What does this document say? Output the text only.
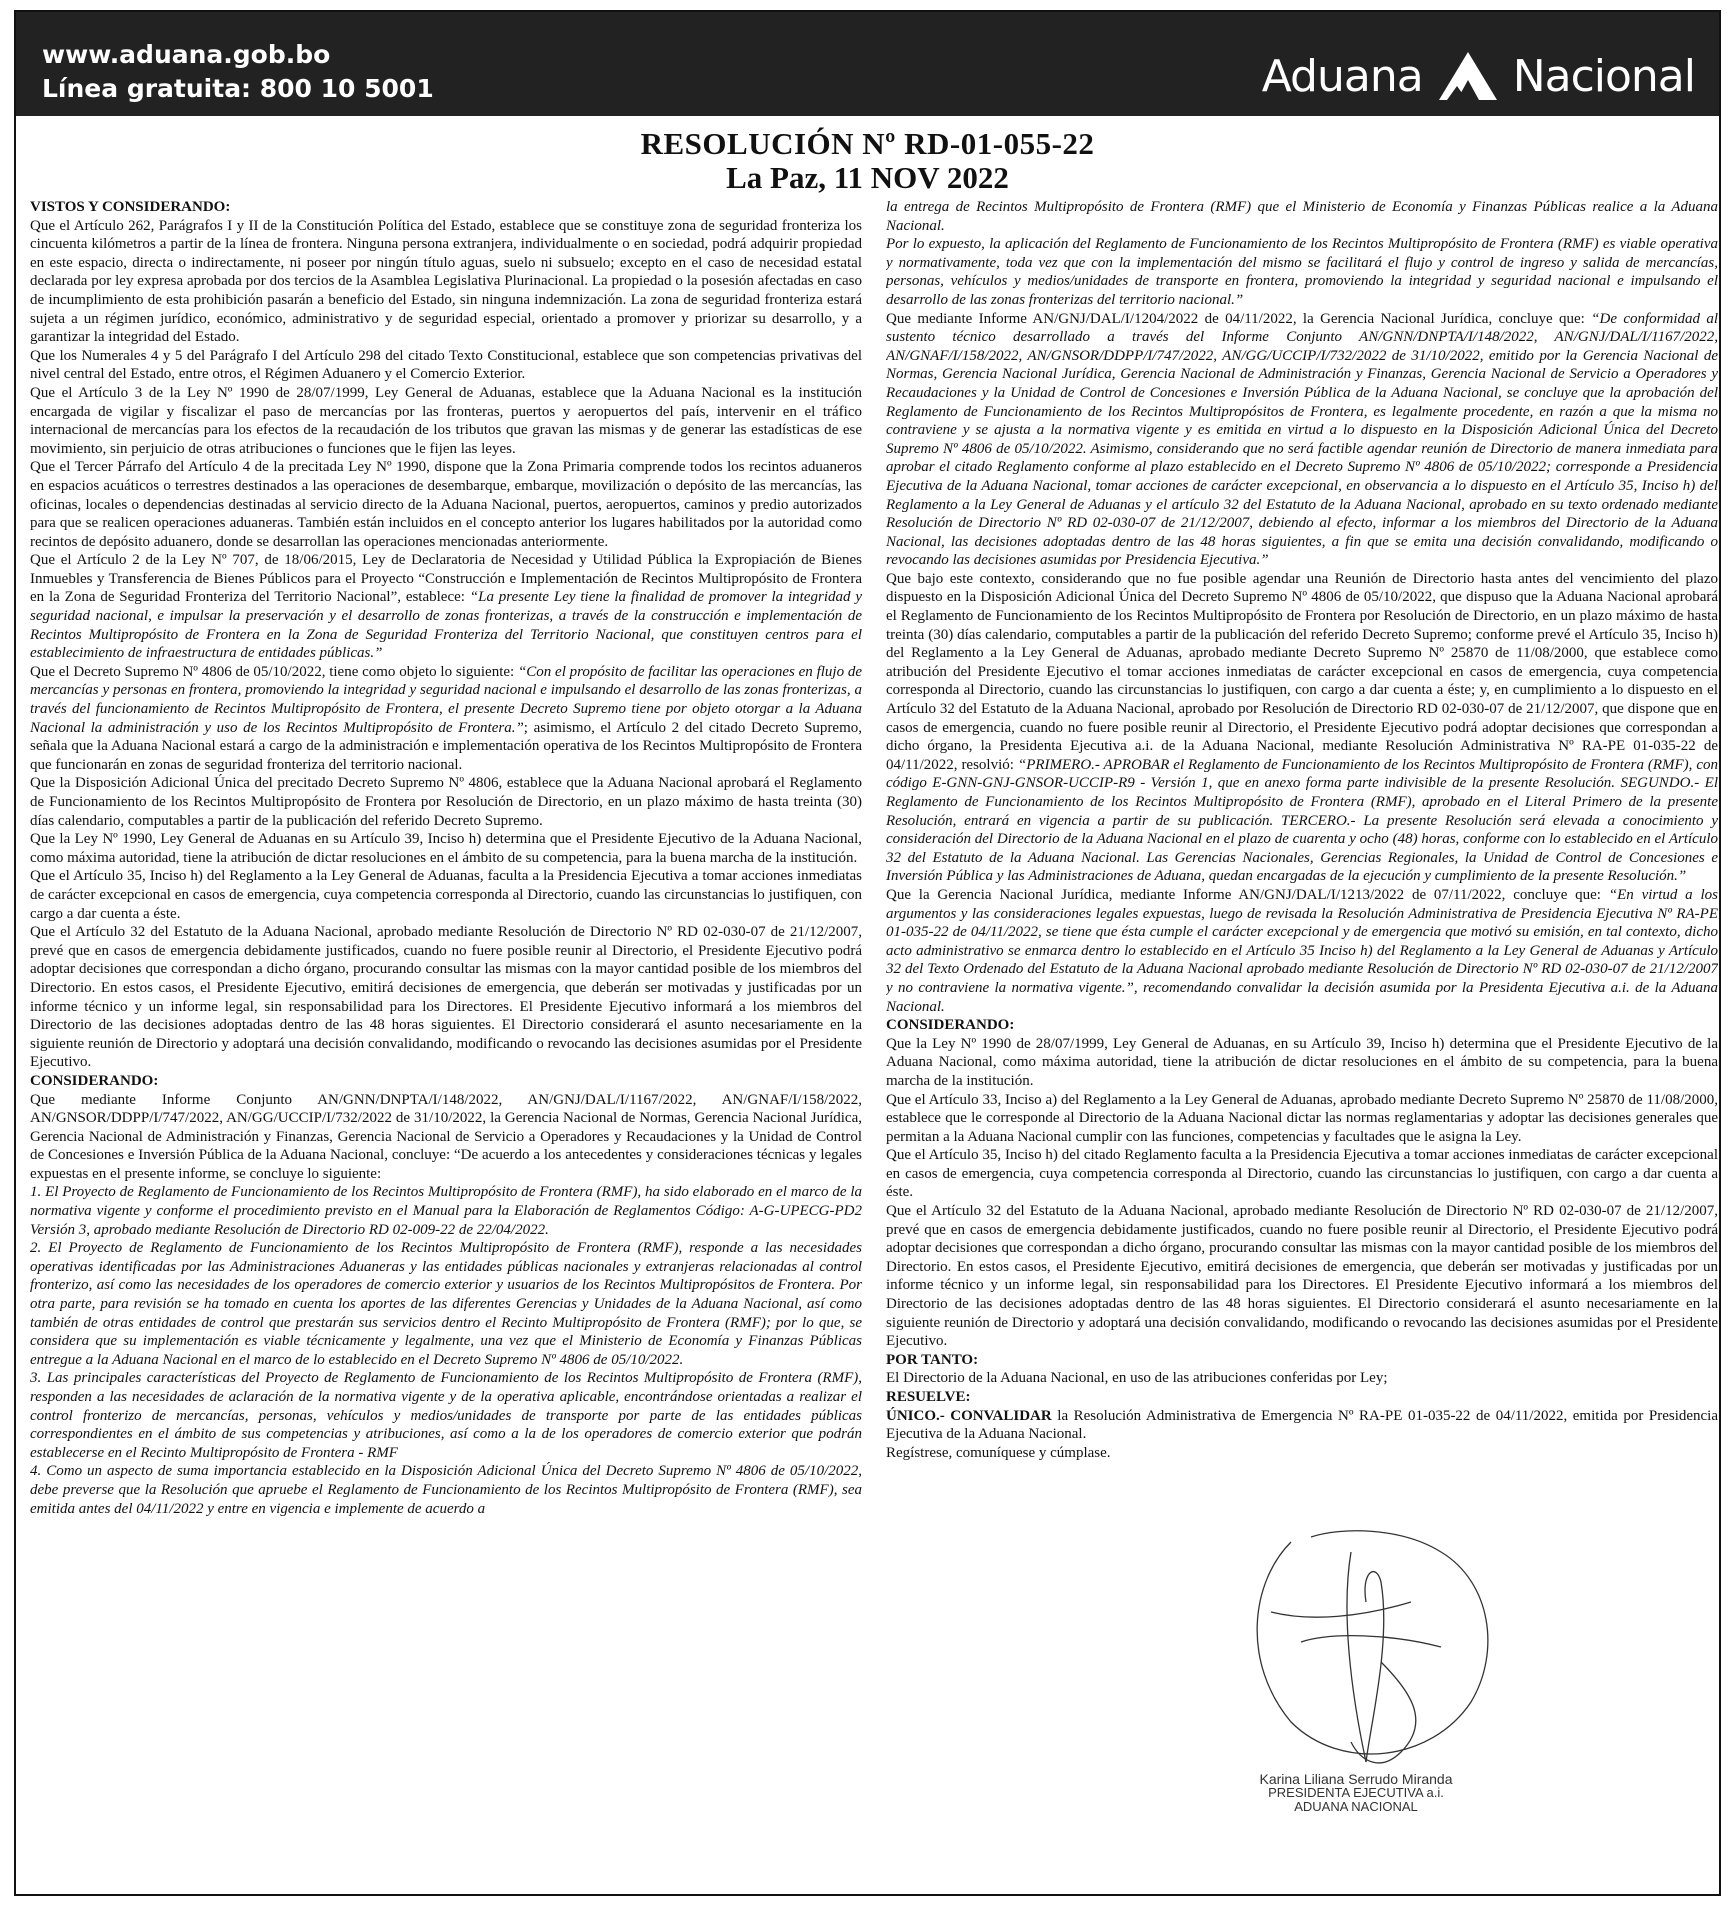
www.aduana.gob.bo
Línea gratuita: 800 10 5001	Aduana Nacional
RESOLUCIÓN Nº RD-01-055-22
La Paz, 11 NOV 2022

VISTOS Y CONSIDERANDO:

Que el Artículo 262, Parágrafos I y II de la Constitución Política del Estado, establece que se constituye zona de seguridad fronteriza los cincuenta kilómetros a partir de la línea de frontera. Ninguna persona extranjera, individualmente o en sociedad, podrá adquirir propiedad en este espacio, directa o indirectamente, ni poseer por ningún título aguas, suelo ni subsuelo; excepto en el caso de necesidad estatal declarada por ley expresa aprobada por dos tercios de la Asamblea Legislativa Plurinacional. La propiedad o la posesión afectadas en caso de incumplimiento de esta prohibición pasarán a beneficio del Estado, sin ninguna indemnización. La zona de seguridad fronteriza estará sujeta a un régimen jurídico, económico, administrativo y de seguridad especial, orientado a promover y priorizar su desarrollo, y a garantizar la integridad del Estado.

Que los Numerales 4 y 5 del Parágrafo I del Artículo 298 del citado Texto Constitucional, establece que son competencias privativas del nivel central del Estado, entre otros, el Régimen Aduanero y el Comercio Exterior.

Que el Artículo 3 de la Ley Nº 1990 de 28/07/1999, Ley General de Aduanas, establece que la Aduana Nacional es la institución encargada de vigilar y fiscalizar el paso de mercancías por las fronteras, puertos y aeropuertos del país, intervenir en el tráfico internacional de mercancías para los efectos de la recaudación de los tributos que gravan las mismas y de generar las estadísticas de ese movimiento, sin perjuicio de otras atribuciones o funciones que le fijen las leyes.

Que el Tercer Párrafo del Artículo 4 de la precitada Ley Nº 1990, dispone que la Zona Primaria comprende todos los recintos aduaneros en espacios acuáticos o terrestres destinados a las operaciones de desembarque, embarque, movilización o depósito de las mercancías, las oficinas, locales o dependencias destinadas al servicio directo de la Aduana Nacional, puertos, aeropuertos, caminos y predio autorizados para que se realicen operaciones aduaneras. También están incluidos en el concepto anterior los lugares habilitados por la autoridad como recintos de depósito aduanero, donde se desarrollan las operaciones mencionadas anteriormente.

Que el Artículo 2 de la Ley Nº 707, de 18/06/2015, Ley de Declaratoria de Necesidad y Utilidad Pública la Expropiación de Bienes Inmuebles y Transferencia de Bienes Públicos para el Proyecto “Construcción e Implementación de Recintos Multipropósito de Frontera en la Zona de Seguridad Fronteriza del Territorio Nacional”, establece: “La presente Ley tiene la finalidad de promover la integridad y seguridad nacional, e impulsar la preservación y el desarrollo de zonas fronterizas, a través de la construcción e implementación de Recintos Multipropósito de Frontera en la Zona de Seguridad Fronteriza del Territorio Nacional, que constituyen centros para el establecimiento de infraestructura de entidades públicas.”

Que el Decreto Supremo Nº 4806 de 05/10/2022, tiene como objeto lo siguiente: “Con el propósito de facilitar las operaciones en flujo de mercancías y personas en frontera, promoviendo la integridad y seguridad nacional e impulsando el desarrollo de las zonas fronterizas, a través del funcionamiento de Recintos Multipropósito de Frontera, el presente Decreto Supremo tiene por objeto otorgar a la Aduana Nacional la administración y uso de los Recintos Multipropósito de Frontera.”; asimismo, el Artículo 2 del citado Decreto Supremo, señala que la Aduana Nacional estará a cargo de la administración e implementación operativa de los Recintos Multipropósito de Frontera que funcionarán en zonas de seguridad fronteriza del territorio nacional.

Que la Disposición Adicional Única del precitado Decreto Supremo Nº 4806, establece que la Aduana Nacional aprobará el Reglamento de Funcionamiento de los Recintos Multipropósito de Frontera por Resolución de Directorio, en un plazo máximo de hasta treinta (30) días calendario, computables a partir de la publicación del referido Decreto Supremo.

Que la Ley Nº 1990, Ley General de Aduanas en su Artículo 39, Inciso h) determina que el Presidente Ejecutivo de la Aduana Nacional, como máxima autoridad, tiene la atribución de dictar resoluciones en el ámbito de su competencia, para la buena marcha de la institución.

Que el Artículo 35, Inciso h) del Reglamento a la Ley General de Aduanas, faculta a la Presidencia Ejecutiva a tomar acciones inmediatas de carácter excepcional en casos de emergencia, cuya competencia corresponda al Directorio, cuando las circunstancias lo justifiquen, con cargo a dar cuenta a éste.

Que el Artículo 32 del Estatuto de la Aduana Nacional, aprobado mediante Resolución de Directorio Nº RD 02-030-07 de 21/12/2007, prevé que en casos de emergencia debidamente justificados, cuando no fuere posible reunir al Directorio, el Presidente Ejecutivo podrá adoptar decisiones que correspondan a dicho órgano, procurando consultar las mismas con la mayor cantidad posible de los miembros del Directorio. En estos casos, el Presidente Ejecutivo, emitirá decisiones de emergencia, que deberán ser motivadas y justificadas por un informe técnico y un informe legal, sin responsabilidad para los Directores. El Presidente Ejecutivo informará a los miembros del Directorio de las decisiones adoptadas dentro de las 48 horas siguientes. El Directorio considerará el asunto necesariamente en la siguiente reunión de Directorio y adoptará una decisión convalidando, modificando o revocando las decisiones asumidas por el Presidente Ejecutivo.

CONSIDERANDO:

Que mediante Informe Conjunto AN/GNN/DNPTA/I/148/2022, AN/GNJ/DAL/I/1167/2022, AN/GNAF/I/158/2022, AN/GNSOR/DDPP/I/747/2022, AN/GG/UCCIP/I/732/2022 de 31/10/2022, la Gerencia Nacional de Normas, Gerencia Nacional Jurídica, Gerencia Nacional de Administración y Finanzas, Gerencia Nacional de Servicio a Operadores y Recaudaciones y la Unidad de Control de Concesiones e Inversión Pública de la Aduana Nacional, concluye: “De acuerdo a los antecedentes y consideraciones técnicas y legales expuestas en el presente informe, se concluye lo siguiente:

1. El Proyecto de Reglamento de Funcionamiento de los Recintos Multipropósito de Frontera (RMF), ha sido elaborado en el marco de la normativa vigente y conforme el procedimiento previsto en el Manual para la Elaboración de Reglamentos Código: A-G-UPECG-PD2 Versión 3, aprobado mediante Resolución de Directorio RD 02-009-22 de 22/04/2022.

2. El Proyecto de Reglamento de Funcionamiento de los Recintos Multipropósito de Frontera (RMF), responde a las necesidades operativas identificadas por las Administraciones Aduaneras y las entidades públicas nacionales y extranjeras relacionadas al control fronterizo, así como las necesidades de los operadores de comercio exterior y usuarios de los Recintos Multipropósitos de Frontera. Por otra parte, para revisión se ha tomado en cuenta los aportes de las diferentes Gerencias y Unidades de la Aduana Nacional, así como también de otras entidades de control que prestarán sus servicios dentro el Recinto Multipropósito de Frontera (RMF); por lo que, se considera que su implementación es viable técnicamente y legalmente, una vez que el Ministerio de Economía y Finanzas Públicas entregue a la Aduana Nacional en el marco de lo establecido en el Decreto Supremo Nº 4806 de 05/10/2022.

3. Las principales características del Proyecto de Reglamento de Funcionamiento de los Recintos Multipropósito de Frontera (RMF), responden a las necesidades de aclaración de la normativa vigente y de la operativa aplicable, encontrándose orientadas a realizar el control fronterizo de mercancías, personas, vehículos y medios/unidades de transporte por parte de las entidades públicas correspondientes en el ámbito de sus competencias y atribuciones, así como a la de los operadores de comercio exterior que podrán establecerse en el Recinto Multipropósito de Frontera - RMF

4. Como un aspecto de suma importancia establecido en la Disposición Adicional Única del Decreto Supremo Nº 4806 de 05/10/2022, debe preverse que la Resolución que apruebe el Reglamento de Funcionamiento de los Recintos Multipropósito de Frontera (RMF), sea emitida antes del 04/11/2022 y entre en vigencia e implemente de acuerdo a

la entrega de Recintos Multipropósito de Frontera (RMF) que el Ministerio de Economía y Finanzas Públicas realice a la Aduana Nacional.

Por lo expuesto, la aplicación del Reglamento de Funcionamiento de los Recintos Multipropósito de Frontera (RMF) es viable operativa y normativamente, toda vez que con la implementación del mismo se facilitará el flujo y control de ingreso y salida de mercancías, personas, vehículos y medios/unidades de transporte en frontera, promoviendo la integridad y seguridad nacional e impulsando el desarrollo de las zonas fronterizas del territorio nacional.”

Que mediante Informe AN/GNJ/DAL/I/1204/2022 de 04/11/2022, la Gerencia Nacional Jurídica, concluye que: “De conformidad al sustento técnico desarrollado a través del Informe Conjunto AN/GNN/DNPTA/I/148/2022, AN/GNJ/DAL/I/1167/2022, AN/GNAF/I/158/2022, AN/GNSOR/DDPP/I/747/2022, AN/GG/UCCIP/I/732/2022 de 31/10/2022, emitido por la Gerencia Nacional de Normas, Gerencia Nacional Jurídica, Gerencia Nacional de Administración y Finanzas, Gerencia Nacional de Servicio a Operadores y Recaudaciones y la Unidad de Control de Concesiones e Inversión Pública de la Aduana Nacional, se concluye que la aprobación del Reglamento de Funcionamiento de los Recintos Multipropósitos de Frontera, es legalmente procedente, en razón a que la misma no contraviene y se ajusta a la normativa vigente y es emitida en virtud a lo dispuesto en la Disposición Adicional Única del Decreto Supremo Nº 4806 de 05/10/2022. Asimismo, considerando que no será factible agendar reunión de Directorio de manera inmediata para aprobar el citado Reglamento conforme al plazo establecido en el Decreto Supremo Nº 4806 de 05/10/2022; corresponde a Presidencia Ejecutiva de la Aduana Nacional, tomar acciones de carácter excepcional, en observancia a lo dispuesto en el Artículo 35, Inciso h) del Reglamento a la Ley General de Aduanas y el artículo 32 del Estatuto de la Aduana Nacional, aprobado en su texto ordenado mediante Resolución de Directorio Nº RD 02-030-07 de 21/12/2007, debiendo al efecto, informar a los miembros del Directorio de la Aduana Nacional, las decisiones adoptadas dentro de las 48 horas siguientes, a fin que se emita una decisión convalidando, modificando o revocando las decisiones asumidas por Presidencia Ejecutiva.”

Que bajo este contexto, considerando que no fue posible agendar una Reunión de Directorio hasta antes del vencimiento del plazo dispuesto en la Disposición Adicional Única del Decreto Supremo Nº 4806 de 05/10/2022, que dispuso que la Aduana Nacional aprobará el Reglamento de Funcionamiento de los Recintos Multipropósito de Frontera por Resolución de Directorio, en un plazo máximo de hasta treinta (30) días calendario, computables a partir de la publicación del referido Decreto Supremo; conforme prevé el Artículo 35, Inciso h) del Reglamento a la Ley General de Aduanas, aprobado mediante Decreto Supremo Nº 25870 de 11/08/2000, que establece como atribución del Presidente Ejecutivo el tomar acciones inmediatas de carácter excepcional en casos de emergencia, cuya competencia corresponda al Directorio, cuando las circunstancias lo justifiquen, con cargo a dar cuenta a éste; y, en cumplimiento a lo dispuesto en el Artículo 32 del Estatuto de la Aduana Nacional, aprobado por Resolución de Directorio RD 02-030-07 de 21/12/2007, que dispone que en casos de emergencia, cuando no fuere posible reunir al Directorio, el Presidente Ejecutivo podrá adoptar decisiones que correspondan a dicho órgano, la Presidenta Ejecutiva a.i. de la Aduana Nacional, mediante Resolución Administrativa Nº RA-PE 01-035-22 de 04/11/2022, resolvió: “PRIMERO.- APROBAR el Reglamento de Funcionamiento de los Recintos Multipropósito de Frontera (RMF), con código E-GNN-GNJ-GNSOR-UCCIP-R9 - Versión 1, que en anexo forma parte indivisible de la presente Resolución. SEGUNDO.- El Reglamento de Funcionamiento de los Recintos Multipropósito de Frontera (RMF), aprobado en el Literal Primero de la presente Resolución, entrará en vigencia a partir de su publicación. TERCERO.- La presente Resolución será elevada a conocimiento y consideración del Directorio de la Aduana Nacional en el plazo de cuarenta y ocho (48) horas, conforme con lo establecido en el Artículo 32 del Estatuto de la Aduana Nacional. Las Gerencias Nacionales, Gerencias Regionales, la Unidad de Control de Concesiones e Inversión Pública y las Administraciones de Aduana, quedan encargadas de la ejecución y cumplimiento de la presente Resolución.”

Que la Gerencia Nacional Jurídica, mediante Informe AN/GNJ/DAL/I/1213/2022 de 07/11/2022, concluye que: “En virtud a los argumentos y las consideraciones legales expuestas, luego de revisada la Resolución Administrativa de Presidencia Ejecutiva Nº RA-PE 01-035-22 de 04/11/2022, se tiene que ésta cumple el carácter excepcional y de emergencia que motivó su emisión, en tal contexto, dicho acto administrativo se enmarca dentro lo establecido en el Artículo 35 Inciso h) del Reglamento a la Ley General de Aduanas y Artículo 32 del Texto Ordenado del Estatuto de la Aduana Nacional aprobado mediante Resolución de Directorio Nº RD 02-030-07 de 21/12/2007 y no contraviene la normativa vigente.”, recomendando convalidar la decisión asumida por la Presidenta Ejecutiva a.i. de la Aduana Nacional.

CONSIDERANDO:

Que la Ley Nº 1990 de 28/07/1999, Ley General de Aduanas, en su Artículo 39, Inciso h) determina que el Presidente Ejecutivo de la Aduana Nacional, como máxima autoridad, tiene la atribución de dictar resoluciones en el ámbito de su competencia, para la buena marcha de la institución.

Que el Artículo 33, Inciso a) del Reglamento a la Ley General de Aduanas, aprobado mediante Decreto Supremo Nº 25870 de 11/08/2000, establece que le corresponde al Directorio de la Aduana Nacional dictar las normas reglamentarias y adoptar las decisiones generales que permitan a la Aduana Nacional cumplir con las funciones, competencias y facultades que le asigna la Ley.

Que el Artículo 35, Inciso h) del citado Reglamento faculta a la Presidencia Ejecutiva a tomar acciones inmediatas de carácter excepcional en casos de emergencia, cuya competencia corresponda al Directorio, cuando las circunstancias lo justifiquen, con cargo a dar cuenta a éste.

Que el Artículo 32 del Estatuto de la Aduana Nacional, aprobado mediante Resolución de Directorio Nº RD 02-030-07 de 21/12/2007, prevé que en casos de emergencia debidamente justificados, cuando no fuere posible reunir al Directorio, el Presidente Ejecutivo podrá adoptar decisiones que correspondan a dicho órgano, procurando consultar las mismas con la mayor cantidad posible de los miembros del Directorio. En estos casos, el Presidente Ejecutivo, emitirá decisiones de emergencia, que deberán ser motivadas y justificadas por un informe técnico y un informe legal, sin responsabilidad para los Directores. El Presidente Ejecutivo informará a los miembros del Directorio de las decisiones adoptadas dentro de las 48 horas siguientes. El Directorio considerará el asunto necesariamente en la siguiente reunión de Directorio y adoptará una decisión convalidando, modificando o revocando las decisiones asumidas por el Presidente Ejecutivo.

POR TANTO:

El Directorio de la Aduana Nacional, en uso de las atribuciones conferidas por Ley;

RESUELVE:

ÚNICO.- CONVALIDAR la Resolución Administrativa de Emergencia Nº RA-PE 01-035-22 de 04/11/2022, emitida por Presidencia Ejecutiva de la Aduana Nacional.

Regístrese, comuníquese y cúmplase.

Karina Liliana Serrudo Miranda
PRESIDENTA EJECUTIVA a.i.
ADUANA NACIONAL
